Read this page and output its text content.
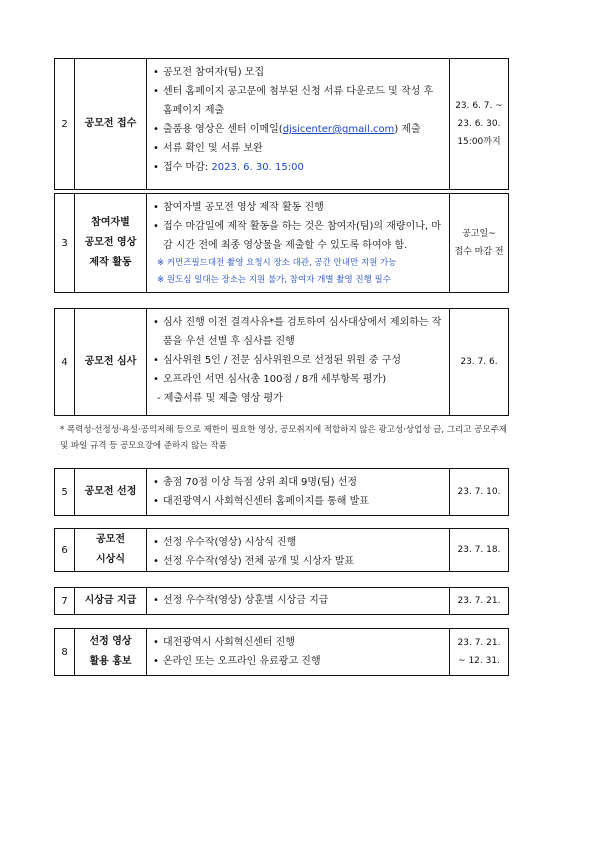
2	공모전 접수
• 공모전 참여자(팀) 모집
• 센터 홈페이지 공고문에 첨부된 신청 서류 다운로드 및 작성 후 홈페이지 제출
• 출품용 영상은 센터 이메일(djsicenter@gmail.com) 제출
• 서류 확인 및 서류 보완
• 접수 마감: 2023. 6. 30. 15:00
23. 6. 7. ~
23. 6. 30.
15:00까지
3
참여자별
공모전 영상
제작 활동
• 참여자별 공모전 영상 제작 활동 진행
• 접수 마감일에 제작 활동을 하는 것은 참여자(팀)의 재량이나, 마감 시간 전에 최종 영상물을 제출할 수 있도록 하여야 함.
※ 커먼즈필드대전 촬영 요청시 장소 대관, 공간 안내만 지원 가능
※ 원도심 일대는 장소는 지원 불가, 참여자 개별 촬영 진행 필수
공고일~
접수 마감 전
4	공모전 심사
• 심사 진행 이전 결격사유*를 검토하여 심사대상에서 제외하는 작품을 우선 선별 후 심사를 진행
• 심사위원 5인 / 전문 심사위원으로 선정된 위원 중 구성
• 오프라인 서면 심사(총 100점 / 8개 세부항목 평가)
- 제출서류 및 제출 영상 평가
23. 7. 6.
* 폭력성·선정성·욕설·공익저해 등으로 제한이 필요한 영상, 공모취지에 적합하지 않은 광고성·상업성 글, 그리고 공모주제 및 파일 규격 등 공모요강에 준하지 않는 작품
5	공모전 선정
• 총점 70점 이상 득점 상위 최대 9명(팀) 선정
• 대전광역시 사회혁신센터 홈페이지를 통해 발표
23. 7. 10.
6
공모전
시상식
• 선정 우수작(영상) 시상식 진행
• 선정 우수작(영상) 전체 공개 및 시상자 발표
23. 7. 18.
7	시상금 지급
•	선정 우수작(영상) 상훈별 시상금 지급	23. 7. 21.
8
선정 영상
활용 홍보
• 대전광역시 사회혁신센터 진행
• 온라인 또는 오프라인 유료광고 진행
23. 7. 21.
~ 12. 31.
